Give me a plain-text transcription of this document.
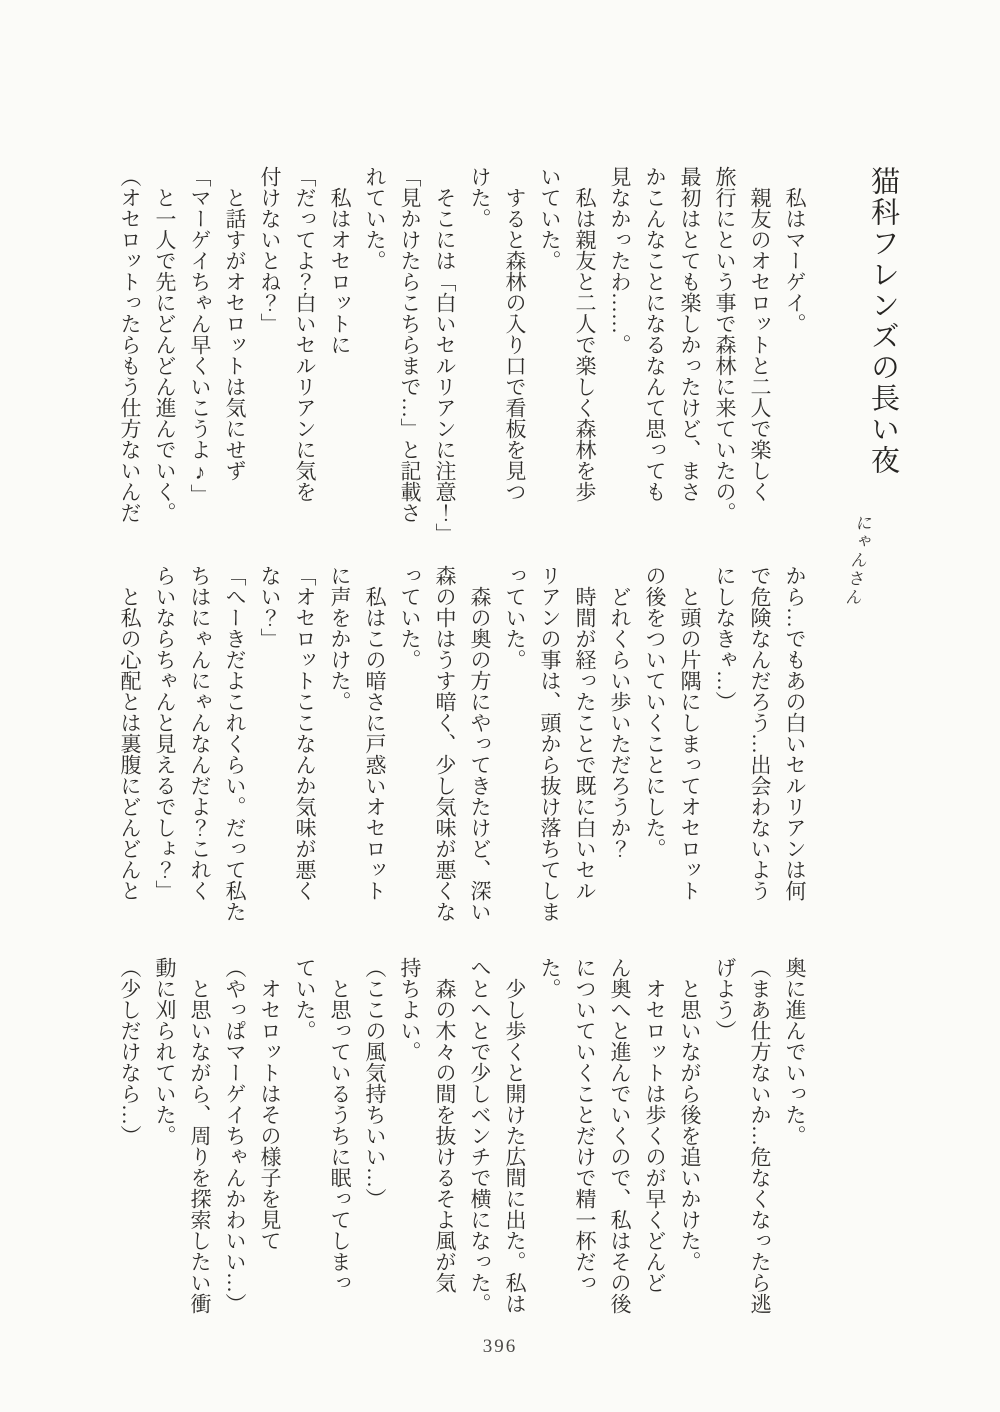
猫科フレンズの長い夜
にゃんさん

　私はマーゲイ。

　親友のオセロットと二人で楽しく

旅行にという事で森林に来ていたの。

最初はとても楽しかったけど、まさ

かこんなことになるなんて思っても

見なかったわ……。

　私は親友と二人で楽しく森林を歩

いていた。

　すると森林の入り口で看板を見つ

けた。

　そこには「白いセルリアンに注意！」

「見かけたらこちらまで…」と記載さ

れていた。

　私はオセロットに

「だってよ？白いセルリアンに気を

付けないとね？」

　と話すがオセロットは気にせず

「マーゲイちゃん早くいこうよ♪」

　と一人で先にどんどん進んでいく。

（オセロットったらもう仕方ないんだ

から…でもあの白いセルリアンは何

で危険なんだろう…出会わないよう

にしなきゃ…）

　と頭の片隅にしまってオセロット

の後をついていくことにした。

　どれくらい歩いただろうか？

　時間が経ったことで既に白いセル

リアンの事は、頭から抜け落ちてしま

っていた。

　森の奥の方にやってきたけど、深い

森の中はうす暗く、少し気味が悪くな

っていた。

　私はこの暗さに戸惑いオセロット

に声をかけた。

「オセロットここなんか気味が悪く

ない？」

「へーきだよこれくらい。だって私た

ちはにゃんにゃんなんだよ？これく

らいならちゃんと見えるでしょ？」

　と私の心配とは裏腹にどんどんと

奥に進んでいった。

（まあ仕方ないか…危なくなったら逃

げよう）

　と思いながら後を追いかけた。

　オセロットは歩くのが早くどんど

ん奥へと進んでいくので、私はその後

についていくことだけで精一杯だっ

た。

　少し歩くと開けた広間に出た。私は

へとへとで少しベンチで横になった。

　森の木々の間を抜けるそよ風が気

持ちよい。

（ここの風気持ちいい…）

　と思っているうちに眠ってしまっ

ていた。

　オセロットはその様子を見て

（やっぱマーゲイちゃんかわいい…）

　と思いながら、周りを探索したい衝

動に刈られていた。

（少しだけなら…）

396
